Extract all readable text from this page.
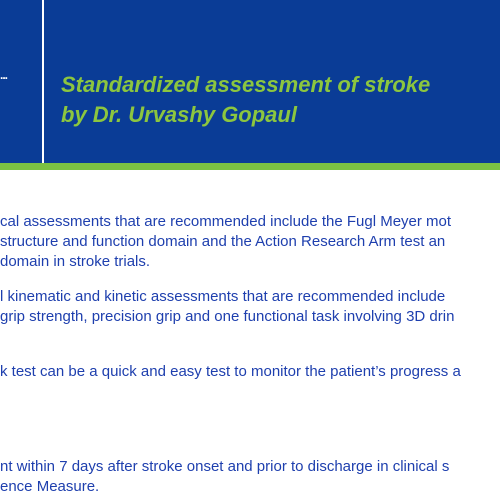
... Standardized assessment of stroke
by Dr. Urvashy Gopaul
cal assessments that are recommended include the Fugl Meyer mot
structure and function domain and the Action Research Arm test an
domain in stroke trials.
l kinematic and kinetic assessments that are recommended include
grip strength, precision grip and one functional task involving 3D drin
k test can be a quick and easy test to monitor the patient’s progress a
nt within 7 days after stroke onset and prior to discharge in clinical s
ence Measure.
